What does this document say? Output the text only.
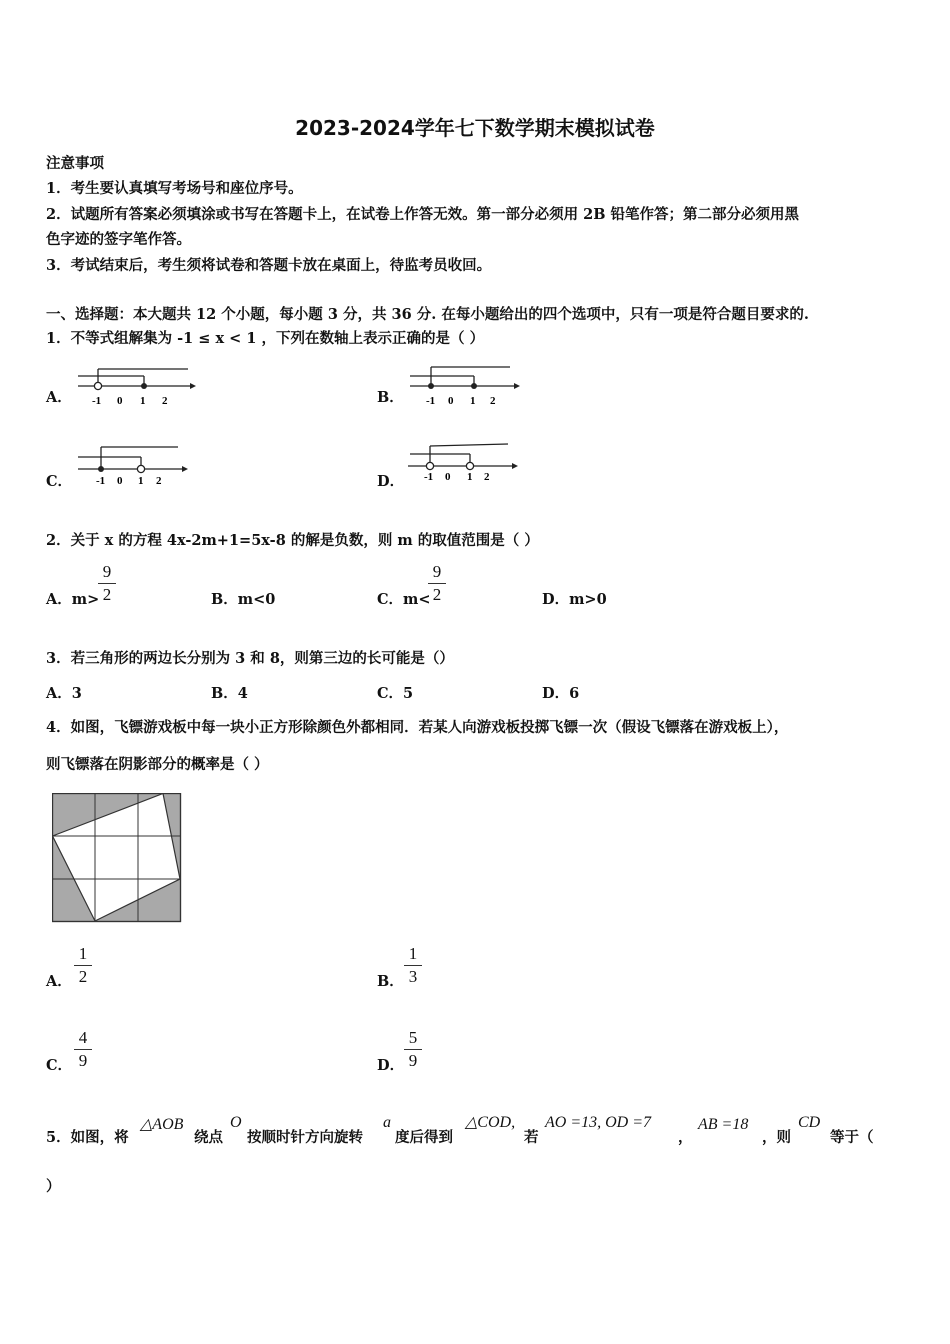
2023-2024学年七下数学期末模拟试卷
注意事项
1．考生要认真填写考场号和座位序号。
2．试题所有答案必须填涂或书写在答题卡上，在试卷上作答无效。第一部分必须用 2B 铅笔作答；第二部分必须用黑
色字迹的签字笔作答。
3．考试结束后，考生须将试卷和答题卡放在桌面上，待监考员收回。
一、选择题：本大题共 12 个小题，每小题 3 分，共 36 分. 在每小题给出的四个选项中，只有一项是符合题目要求的.
1．不等式组解集为 -1 ≤ x < 1 ，下列在数轴上表示正确的是（ ）
A． -1 0 1 2	B． -1 0 1 2
C． -1 0 1 2	D． -1 0 1 2
2．关于 x 的方程 4x-2m+1=5x-8 的解是负数，则 m 的取值范围是（ ）
A．m>
9
2	B．m<0	C．m<
9
2	D．m>0
3．若三角形的两边长分别为 3 和 8，则第三边的长可能是（）
A．3	B．4	C．5	D．6
4．如图，飞镖游戏板中每一块小正方形除颜色外都相同．若某人向游戏板投掷飞镖一次（假设飞镖落在游戏板上），
则飞镖落在阴影部分的概率是（ ）
A．
1
2	B．
1
3
C．
4
9	D．
5
9
5．如图，将
△AOB
绕点
O
按顺时针方向旋转
a
度后得到
△COD,
若
AO =13, OD =7
，
AB =18
，则
CD
等于（
）
